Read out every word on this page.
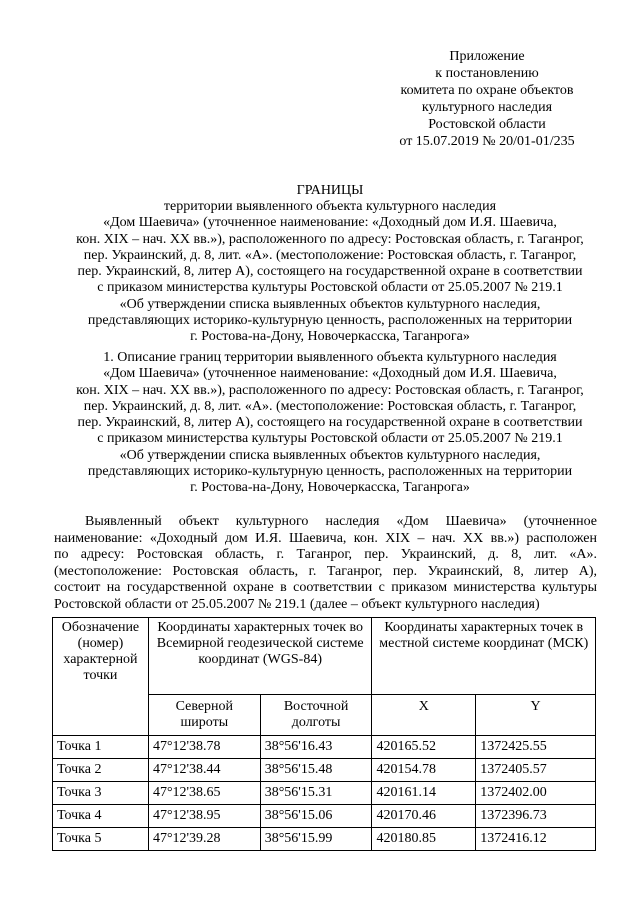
Приложение
к постановлению
комитета по охране объектов
культурного наследия
Ростовской области
от 15.07.2019 № 20/01-01/235
ГРАНИЦЫ
территории выявленного объекта культурного наследия
«Дом Шаевича» (уточненное наименование: «Доходный дом И.Я. Шаевича,
кон. XIX – нач. XX вв.»), расположенного по адресу: Ростовская область, г. Таганрог,
пер. Украинский, д. 8, лит. «А». (местоположение: Ростовская область, г. Таганрог,
пер. Украинский, 8, литер А), состоящего на государственной охране в соответствии
с приказом министерства культуры Ростовской области от 25.05.2007 № 219.1
«Об утверждении списка выявленных объектов культурного наследия,
представляющих историко-культурную ценность, расположенных на территории
г. Ростова-на-Дону, Новочеркасска, Таганрога»
1. Описание границ территории выявленного объекта культурного наследия
«Дом Шаевича» (уточненное наименование: «Доходный дом И.Я. Шаевича,
кон. XIX – нач. XX вв.»), расположенного по адресу: Ростовская область, г. Таганрог,
пер. Украинский, д. 8, лит. «А». (местоположение: Ростовская область, г. Таганрог,
пер. Украинский, 8, литер А), состоящего на государственной охране в соответствии
с приказом министерства культуры Ростовской области от 25.05.2007 № 219.1
«Об утверждении списка выявленных объектов культурного наследия,
представляющих историко-культурную ценность, расположенных на территории
г. Ростова-на-Дону, Новочеркасска, Таганрога»
Выявленный объект культурного наследия «Дом Шаевича» (уточненное
наименование: «Доходный дом И.Я. Шаевича, кон. XIX – нач. XX вв.») расположен
по адресу: Ростовская область, г. Таганрог, пер. Украинский, д. 8, лит. «А».
(местоположение: Ростовская область, г. Таганрог, пер. Украинский, 8, литер А),
состоит на государственной охране в соответствии с приказом министерства культуры
Ростовской области от 25.05.2007 № 219.1 (далее – объект культурного наследия)
Обозначение (номер) характерной точки	Координаты характерных точек во Всемирной геодезической системе координат (WGS-84)		Координаты характерных точек в местной системе координат (МСК)	
	Северной широты	Восточной долготы	X	Y
Точка 1	47°12'38.78	38°56'16.43	420165.52	1372425.55
Точка 2	47°12'38.44	38°56'15.48	420154.78	1372405.57
Точка 3	47°12'38.65	38°56'15.31	420161.14	1372402.00
Точка 4	47°12'38.95	38°56'15.06	420170.46	1372396.73
Точка 5	47°12'39.28	38°56'15.99	420180.85	1372416.12
